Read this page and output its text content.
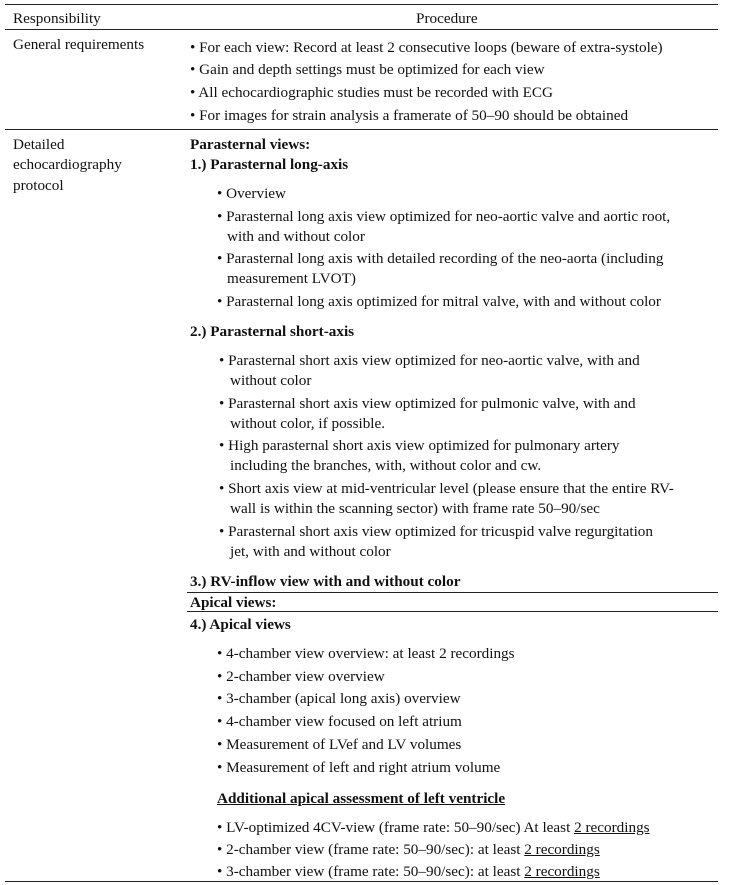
Responsibility	Procedure
General requirements	• For each view: Record at least 2 consecutive loops (beware of extra-systole)
• Gain and depth settings must be optimized for each view
• All echocardiographic studies must be recorded with ECG
• For images for strain analysis a framerate of 50–90 should be obtained
Detailed
echocardiography
protocol
Parasternal views:
1.) Parasternal long-axis
• Overview
• Parasternal long axis view optimized for neo-aortic valve and aortic root,
with and without color
• Parasternal long axis with detailed recording of the neo-aorta (including
measurement LVOT)
• Parasternal long axis optimized for mitral valve, with and without color
2.) Parasternal short-axis
• Parasternal short axis view optimized for neo-aortic valve, with and
without color
• Parasternal short axis view optimized for pulmonic valve, with and
without color, if possible.
• High parasternal short axis view optimized for pulmonary artery
including the branches, with, without color and cw.
• Short axis view at mid-ventricular level (please ensure that the entire RV-
wall is within the scanning sector) with frame rate 50–90/sec
• Parasternal short axis view optimized for tricuspid valve regurgitation
jet, with and without color
3.) RV-inflow view with and without color
Apical views:
4.) Apical views
• 4-chamber view overview: at least 2 recordings
• 2-chamber view overview
• 3-chamber (apical long axis) overview
• 4-chamber view focused on left atrium
• Measurement of LVef and LV volumes
• Measurement of left and right atrium volume
Additional apical assessment of left ventricle
• LV-optimized 4CV-view (frame rate: 50–90/sec) At least 2 recordings
• 2-chamber view (frame rate: 50–90/sec): at least 2 recordings
• 3-chamber view (frame rate: 50–90/sec): at least 2 recordings
